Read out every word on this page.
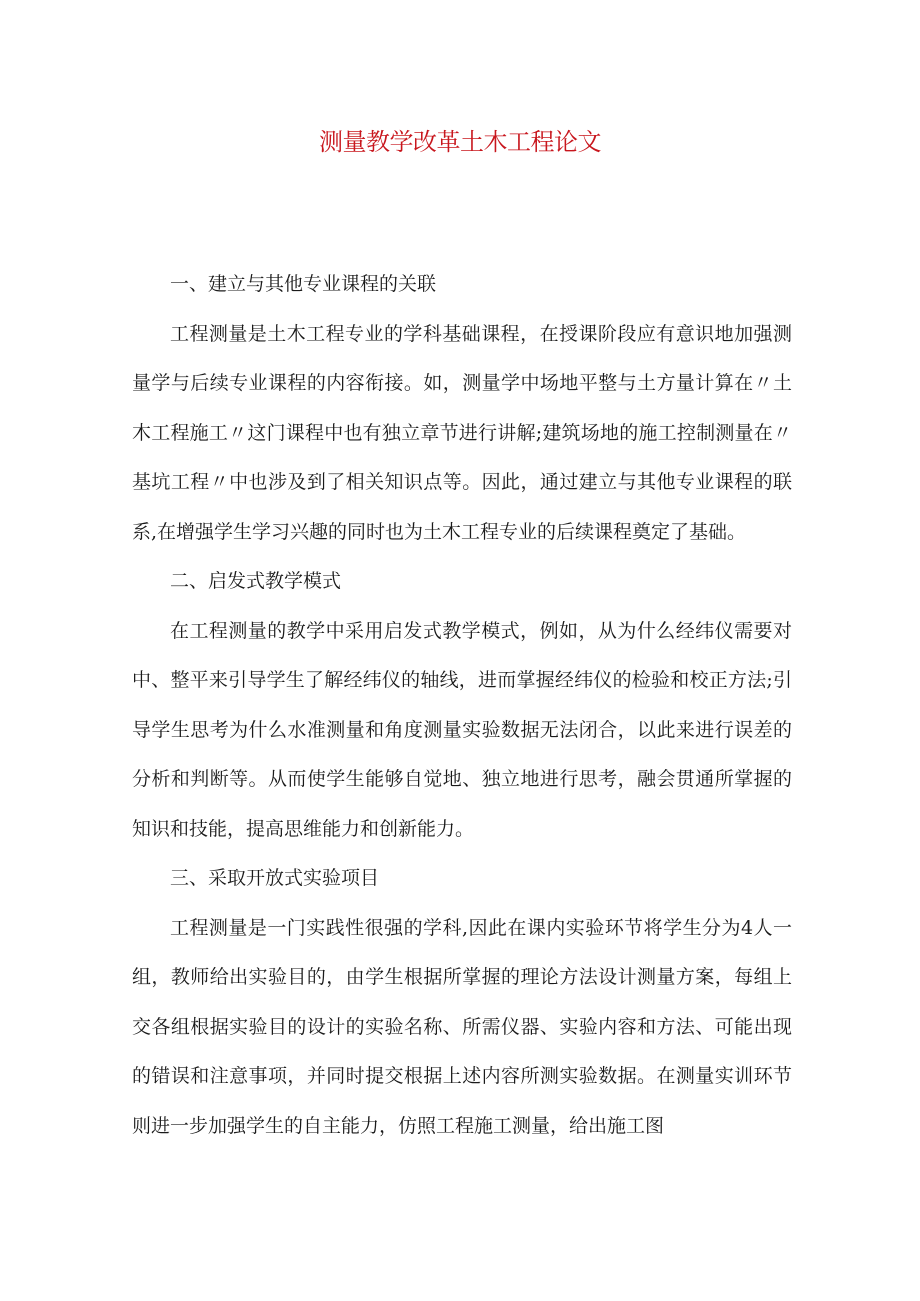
测量教学改革土木工程论文

一、建立与其他专业课程的关联

工程测量是土木工程专业的学科基础课程，在授课阶段应有意识地加强测量学与后续专业课程的内容衔接。如，测量学中场地平整与土方量计算在〃土木工程施工〃这门课程中也有独立章节进行讲解;建筑场地的施工控制测量在〃基坑工程〃中也涉及到了相关知识点等。因此，通过建立与其他专业课程的联系,在增强学生学习兴趣的同时也为土木工程专业的后续课程奠定了基础。

二、启发式教学模式

在工程测量的教学中采用启发式教学模式，例如，从为什么经纬仪需要对中、整平来引导学生了解经纬仪的轴线，进而掌握经纬仪的检验和校正方法;引导学生思考为什么水准测量和角度测量实验数据无法闭合，以此来进行误差的分析和判断等。从而使学生能够自觉地、独立地进行思考，融会贯通所掌握的知识和技能，提高思维能力和创新能力。

三、采取开放式实验项目

工程测量是一门实践性很强的学科,因此在课内实验环节将学生分为4人一组，教师给出实验目的，由学生根据所掌握的理论方法设计测量方案，每组上交各组根据实验目的设计的实验名称、所需仪器、实验内容和方法、可能出现的错误和注意事项，并同时提交根据上述内容所测实验数据。在测量实训环节则进一步加强学生的自主能力，仿照工程施工测量，给出施工图
